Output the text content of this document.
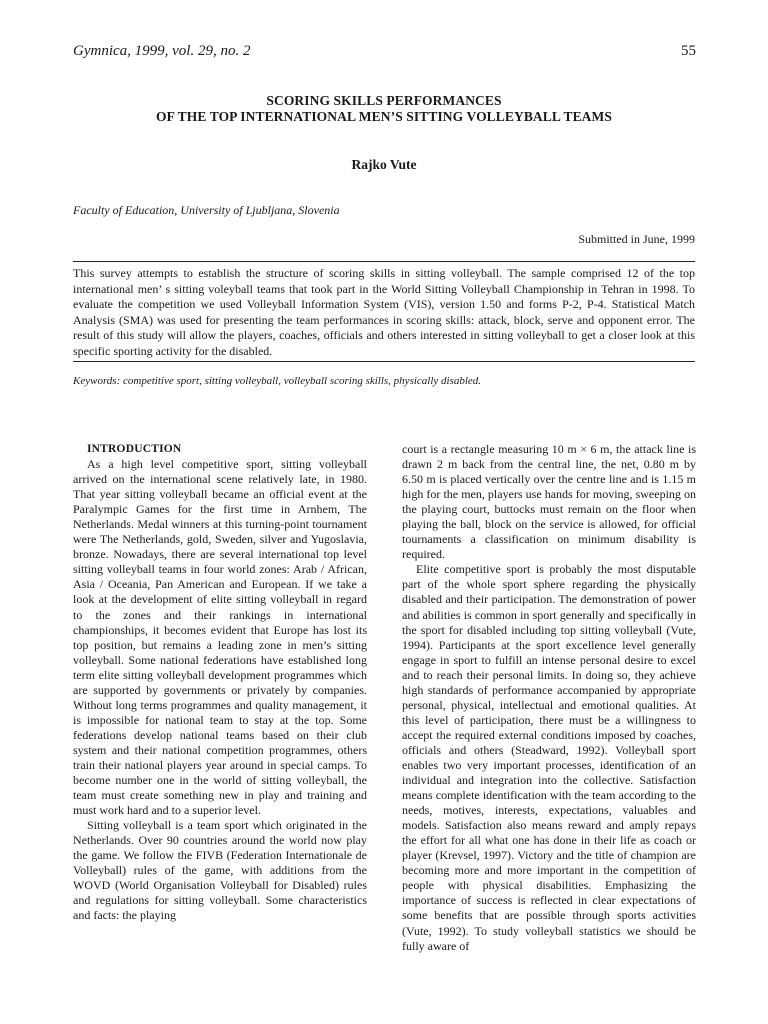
Gymnica, 1999, vol. 29, no. 2	55
SCORING SKILLS PERFORMANCES
OF THE TOP INTERNATIONAL MEN’S SITTING VOLLEYBALL TEAMS
Rajko Vute
Faculty of Education, University of Ljubljana, Slovenia
Submitted in June, 1999

This survey attempts to establish the structure of scoring skills in sitting volleyball. The sample comprised 12 of the top international men’ s sitting voleyball teams that took part in the World Sitting Volleyball Championship in Tehran in 1998. To evaluate the competition we used Volleyball Information System (VIS), version 1.50 and forms P-2, P-4. Statistical Match Analysis (SMA) was used for presenting the team performances in scoring skills: attack, block, serve and opponent error. The result of this study will allow the players, coaches, officials and others interested in sitting volleyball to get a closer look at this specific sporting activity for the disabled.

Keywords: competitive sport, sitting volleyball, volleyball scoring skills, physically disabled.

INTRODUCTION

As a high level competitive sport, sitting volleyball arrived on the international scene relatively late, in 1980. That year sitting volleyball became an official event at the Paralympic Games for the first time in Arnhem, The Netherlands. Medal winners at this turning-point tournament were The Netherlands, gold, Sweden, silver and Yugoslavia, bronze. Nowadays, there are several international top level sitting volleyball teams in four world zones: Arab / African, Asia / Oceania, Pan American and European. If we take a look at the development of elite sitting volleyball in regard to the zones and their rankings in international championships, it becomes evident that Europe has lost its top position, but remains a leading zone in men’s sitting volleyball. Some national federations have established long term elite sitting volleyball development programmes which are supported by governments or privately by companies. Without long terms programmes and quality management, it is impossible for national team to stay at the top. Some federations develop national teams based on their club system and their national competition programmes, others train their national players year around in special camps. To become number one in the world of sitting volleyball, the team must create something new in play and training and must work hard and to a superior level.

Sitting volleyball is a team sport which originated in the Netherlands. Over 90 countries around the world now play the game. We follow the FIVB (Federation Internationale de Volleyball) rules of the game, with additions from the WOVD (World Organisation Volleyball for Disabled) rules and regulations for sitting volleyball. Some characteristics and facts: the playing

court is a rectangle measuring 10 m × 6 m, the attack line is drawn 2 m back from the central line, the net, 0.80 m by 6.50 m is placed vertically over the centre line and is 1.15 m high for the men, players use hands for moving, sweeping on the playing court, buttocks must remain on the floor when playing the ball, block on the service is allowed, for official tournaments a classification on minimum disability is required.

Elite competitive sport is probably the most disputable part of the whole sport sphere regarding the physically disabled and their participation. The demonstration of power and abilities is common in sport generally and specifically in the sport for disabled including top sitting volleyball (Vute, 1994). Participants at the sport excellence level generally engage in sport to fulfill an intense personal desire to excel and to reach their personal limits. In doing so, they achieve high standards of performance accompanied by appropriate personal, physical, intellectual and emotional qualities. At this level of participation, there must be a willingness to accept the required external conditions imposed by coaches, officials and others (Steadward, 1992). Volleyball sport enables two very important processes, identification of an individual and integration into the collective. Satisfaction means complete identification with the team according to the needs, motives, interests, expectations, valuables and models. Satisfaction also means reward and amply repays the effort for all what one has done in their life as coach or player (Krevsel, 1997). Victory and the title of champion are becoming more and more important in the competition of people with physical disabilities. Emphasizing the importance of success is reflected in clear expectations of some benefits that are possible through sports activities (Vute, 1992). To study volleyball statistics we should be fully aware of
